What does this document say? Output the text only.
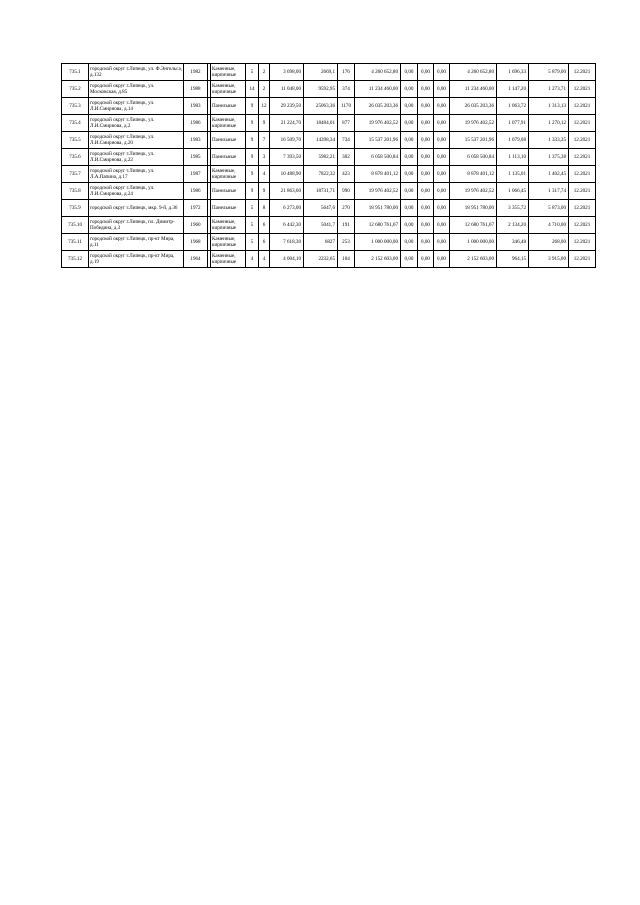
735.1	городской округ г.Липецк, ул. Ф.Энгельса, д.132	1982		Каменные, кирпичные	5	2	3 698,00	2669,1	176	4 260 652,80	0,00	0,00	0,00	4 260 652,80	1 696,33	5 879,00	12.2021
735.2	городской округ г.Липецк, ул. Московская, д.85	1988		Каменные, кирпичные	14	2	11 048,00	9592,95	374	11 234 460,00	0,00	0,00	0,00	11 234 460,00	1 147,20	1 273,71	12.2021
735.3	городской округ г.Липецк, ул. Л.И.Смирнова, д.14	1983		Панельные	9	12	29 239,50	25063,36	1170	26 035 203,36	0,00	0,00	0,00	26 035 203,36	1 063,72	1 313,13	12.2021
735.4	городской округ г.Липецк, ул. Л.И.Смирнова, д.2	1986		Каменные, кирпичные	9	9	21 224,70	18484,01	877	19 976 402,52	0,00	0,00	0,00	19 976 402,52	1 077,91	1 270,12	12.2021
735.5	городской округ г.Липецк, ул. Л.И.Смирнова, д.20	1983		Панельные	9	7	16 509,70	14398,34	734	15 537 201,96	0,00	0,00	0,00	15 537 201,96	1 079,08	1 333,35	12.2021
735.6	городской округ г.Липецк, ул. Л.И.Смирнова, д.22	1985		Панельные	9	3	7 393,50	5982,21	302	6 058 500,84	0,00	0,00	0,00	6 058 500,84	1 113,10	1 375,38	12.2021
735.7	городской округ г.Липецк, ул. Л.А.Папина, д.17	1987		Каменные, кирпичные	9	4	10 488,90	7822,32	423	8 878 401,12	0,00	0,00	0,00	8 878 401,12	1 135,01	1 402,45	12.2021
735.8	городской округ г.Липецк, ул. Л.И.Смирнова, д.24	1986		Панельные	9	9	21 863,60	18731,71	990	19 976 402,52	0,00	0,00	0,00	19 976 402,52	1 066,45	1 317,74	12.2021
735.9	городской округ г.Липецк, мкр. 9-й, д.36	1972		Панельные	5	8	6 273,00	5647,6	270	18 951 780,00	0,00	0,00	0,00	18 951 780,00	3 355,72	5 873,00	12.2021
735.10	городской округ г.Липецк, пл. Димитр-Победина, д.3	1960		Каменные, кирпичные	5	6	6 442,30	5041,7	191	12 680 761,67	0,00	0,00	0,00	12 680 761,67	2 134,20	4 710,00	12.2021
735.11	городской округ г.Липецк, пр-кт Мира, д.11	1968		Каменные, кирпичные	5	6	7 618,30	6827	253	1 000 000,00	0,00	0,00	0,00	1 000 000,00	346,48	268,00	12.2021
735.12	городской округ г.Липецк, пр-кт Мира, д.19	1964		Каменные, кирпичные	4	4	4 004,10	2232,65	104	2 152 603,00	0,00	0,00	0,00	2 152 603,00	964,15	3 915,00	12.2021
